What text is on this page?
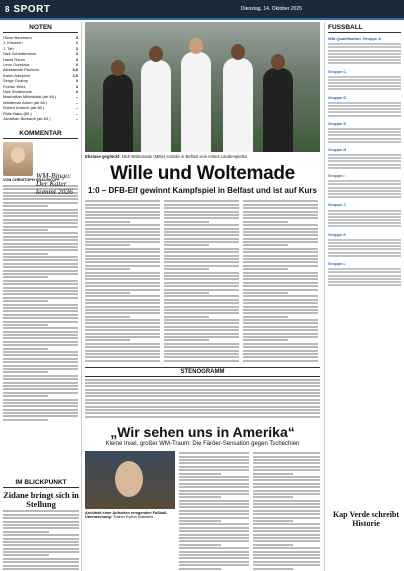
8 SPORT	Dienstag, 14. Oktober 2025
NOTEN
Oliver Baumann	3
J. Kimmich	2
J. Tah	3
Nick Schlotterbeck	3
David Raum	3
Leon Goretzka	2
Aleksandar Pavlovic	3,5
Karim Adeyemi	2,5
Serge Gnabry	3
Florian Wirtz	3
Nick Woltemade	2
Maximilian Mittelstädt (ab 46.)	–
Waldemar Anton (ab 65.)	–
Robert Andrich (ab 80.)	–
Ridle Baku (80.)	–
Jonathan Burkardt (ab 83.)	–
KOMMENTAR
WM-Bingo: Der Kater kommt 2026
VON CHRISTOPH KRAUSKOPF
IM BLICKPUNKT
Zidane bringt sich in Stellung
Ekstase geglückt: Nick Woltemade (Mitte) erzielte in Belfast sein erstes Länderspieltor.
Wille und Woltemade
1:0 – DFB-Elf gewinnt Kampfspiel in Belfast und ist auf Kurs
STENOGRAMM
„Wir sehen uns in Amerika“
Kleine Insel, großer WM-Traum: Die Färöer-Sensation gegen Tschechien
Architekt einer Aufsehen erregenden Fußball-Überraschung: Trainer Eydun Klakstein.
FUSSBALL
WM-Qualifikation, Gruppe A
Gruppe C
Gruppe D
Gruppe E
Gruppe H
Gruppe I
Gruppe J
Gruppe K
Gruppe L
Kap Verde schreibt Historie
